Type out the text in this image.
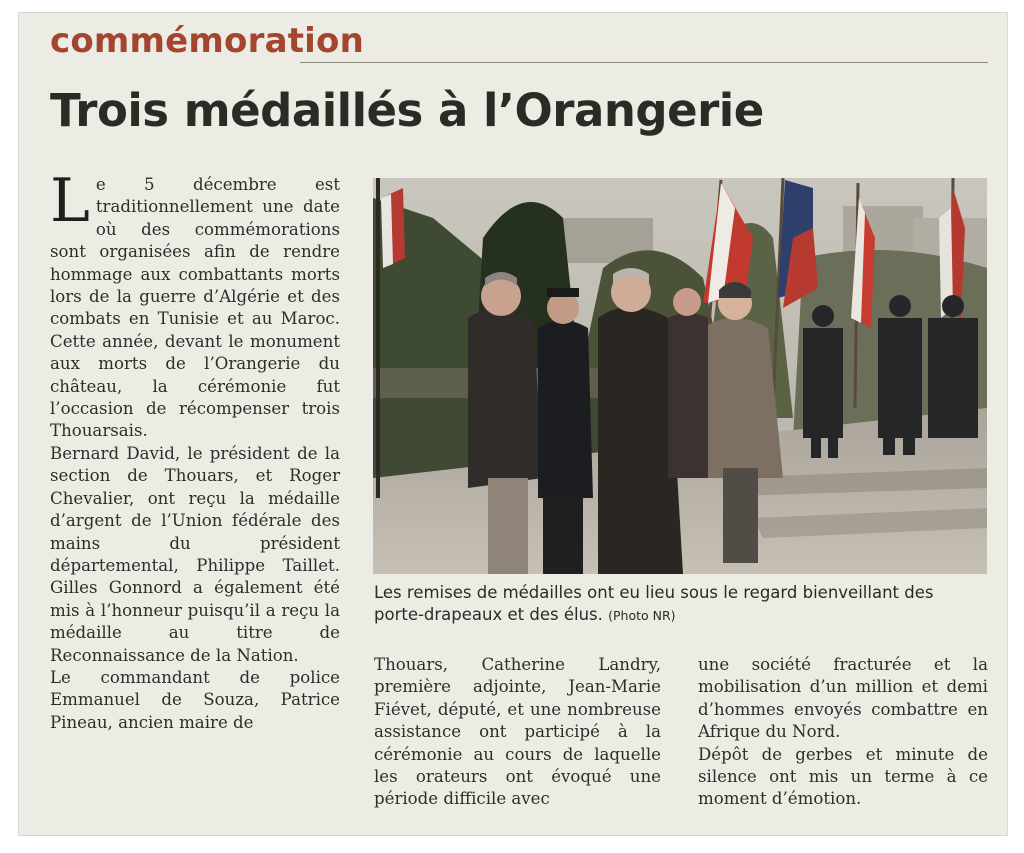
commémoration
Trois médaillés à l’Orangerie

Le 5 décembre est traditionnellement une date où des commémorations sont organisées afin de rendre hommage aux combattants morts lors de la guerre d’Algérie et des combats en Tunisie et au Maroc. Cette année, devant le monument aux morts de l’Orangerie du château, la cérémonie fut l’occasion de récompenser trois Thouarsais.

Bernard David, le président de la section de Thouars, et Roger Chevalier, ont reçu la médaille d’argent de l’Union fédérale des mains du président départemental, Philippe Taillet. Gilles Gonnord a également été mis à l’honneur puisqu’il a reçu la médaille au titre de Reconnaissance de la Nation.

Le commandant de police Emmanuel de Souza, Patrice Pineau, ancien maire de

Les remises de médailles ont eu lieu sous le regard bienveillant des porte-drapeaux et des élus. (Photo NR)

Thouars, Catherine Landry, première adjointe, Jean-Marie Fiévet, député, et une nombreuse assistance ont participé à la cérémonie au cours de laquelle les orateurs ont évoqué une période difficile avec

une société fracturée et la mobilisation d’un million et demi d’hommes envoyés combattre en Afrique du Nord.

Dépôt de gerbes et minute de silence ont mis un terme à ce moment d’émotion.
